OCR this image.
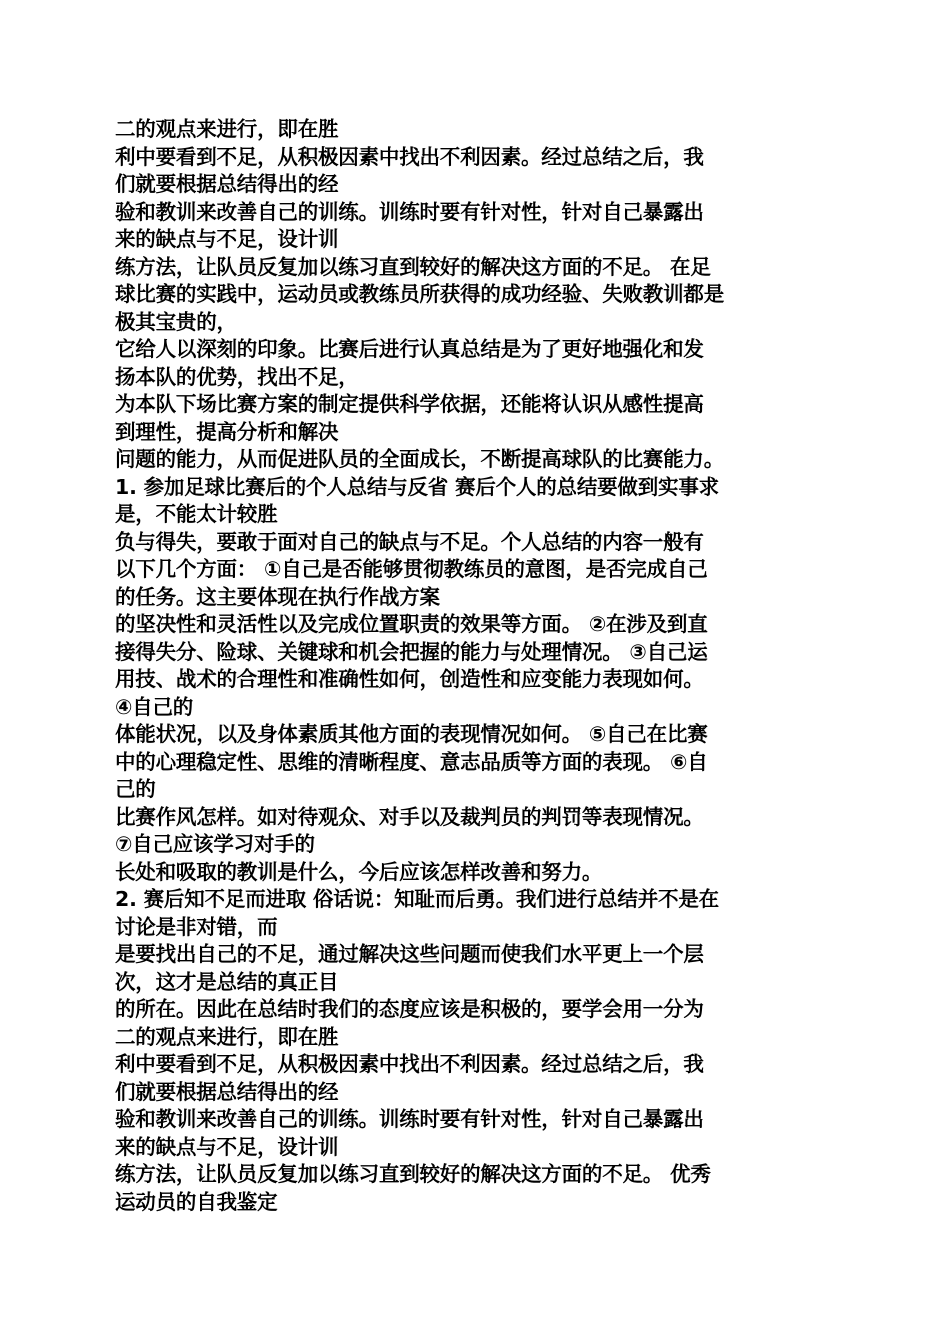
二的观点来进行，即在胜
利中要看到不足，从积极因素中找出不利因素。经过总结之后，我
们就要根据总结得出的经
验和教训来改善自己的训练。训练时要有针对性，针对自己暴露出
来的缺点与不足，设计训
练方法，让队员反复加以练习直到较好的解决这方面的不足。 在足
球比赛的实践中，运动员或教练员所获得的成功经验、失败教训都是
极其宝贵的，
它给人以深刻的印象。比赛后进行认真总结是为了更好地强化和发
扬本队的优势，找出不足，
为本队下场比赛方案的制定提供科学依据，还能将认识从感性提高
到理性，提高分析和解决
问题的能力，从而促进队员的全面成长，不断提高球队的比赛能力。
1. 参加足球比赛后的个人总结与反省 赛后个人的总结要做到实事求
是，不能太计较胜
负与得失，要敢于面对自己的缺点与不足。个人总结的内容一般有
以下几个方面： ①自己是否能够贯彻教练员的意图，是否完成自己
的任务。这主要体现在执行作战方案
的坚决性和灵活性以及完成位置职责的效果等方面。 ②在涉及到直
接得失分、险球、关键球和机会把握的能力与处理情况。 ③自己运
用技、战术的合理性和准确性如何，创造性和应变能力表现如何。
④自己的
体能状况，以及身体素质其他方面的表现情况如何。 ⑤自己在比赛
中的心理稳定性、思维的清晰程度、意志品质等方面的表现。 ⑥自
己的
比赛作风怎样。如对待观众、对手以及裁判员的判罚等表现情况。
⑦自己应该学习对手的
长处和吸取的教训是什么，今后应该怎样改善和努力。
2. 赛后知不足而进取 俗话说：知耻而后勇。我们进行总结并不是在
讨论是非对错，而
是要找出自己的不足，通过解决这些问题而使我们水平更上一个层
次，这才是总结的真正目
的所在。因此在总结时我们的态度应该是积极的，要学会用一分为
二的观点来进行，即在胜
利中要看到不足，从积极因素中找出不利因素。经过总结之后，我
们就要根据总结得出的经
验和教训来改善自己的训练。训练时要有针对性，针对自己暴露出
来的缺点与不足，设计训
练方法，让队员反复加以练习直到较好的解决这方面的不足。 优秀
运动员的自我鉴定
